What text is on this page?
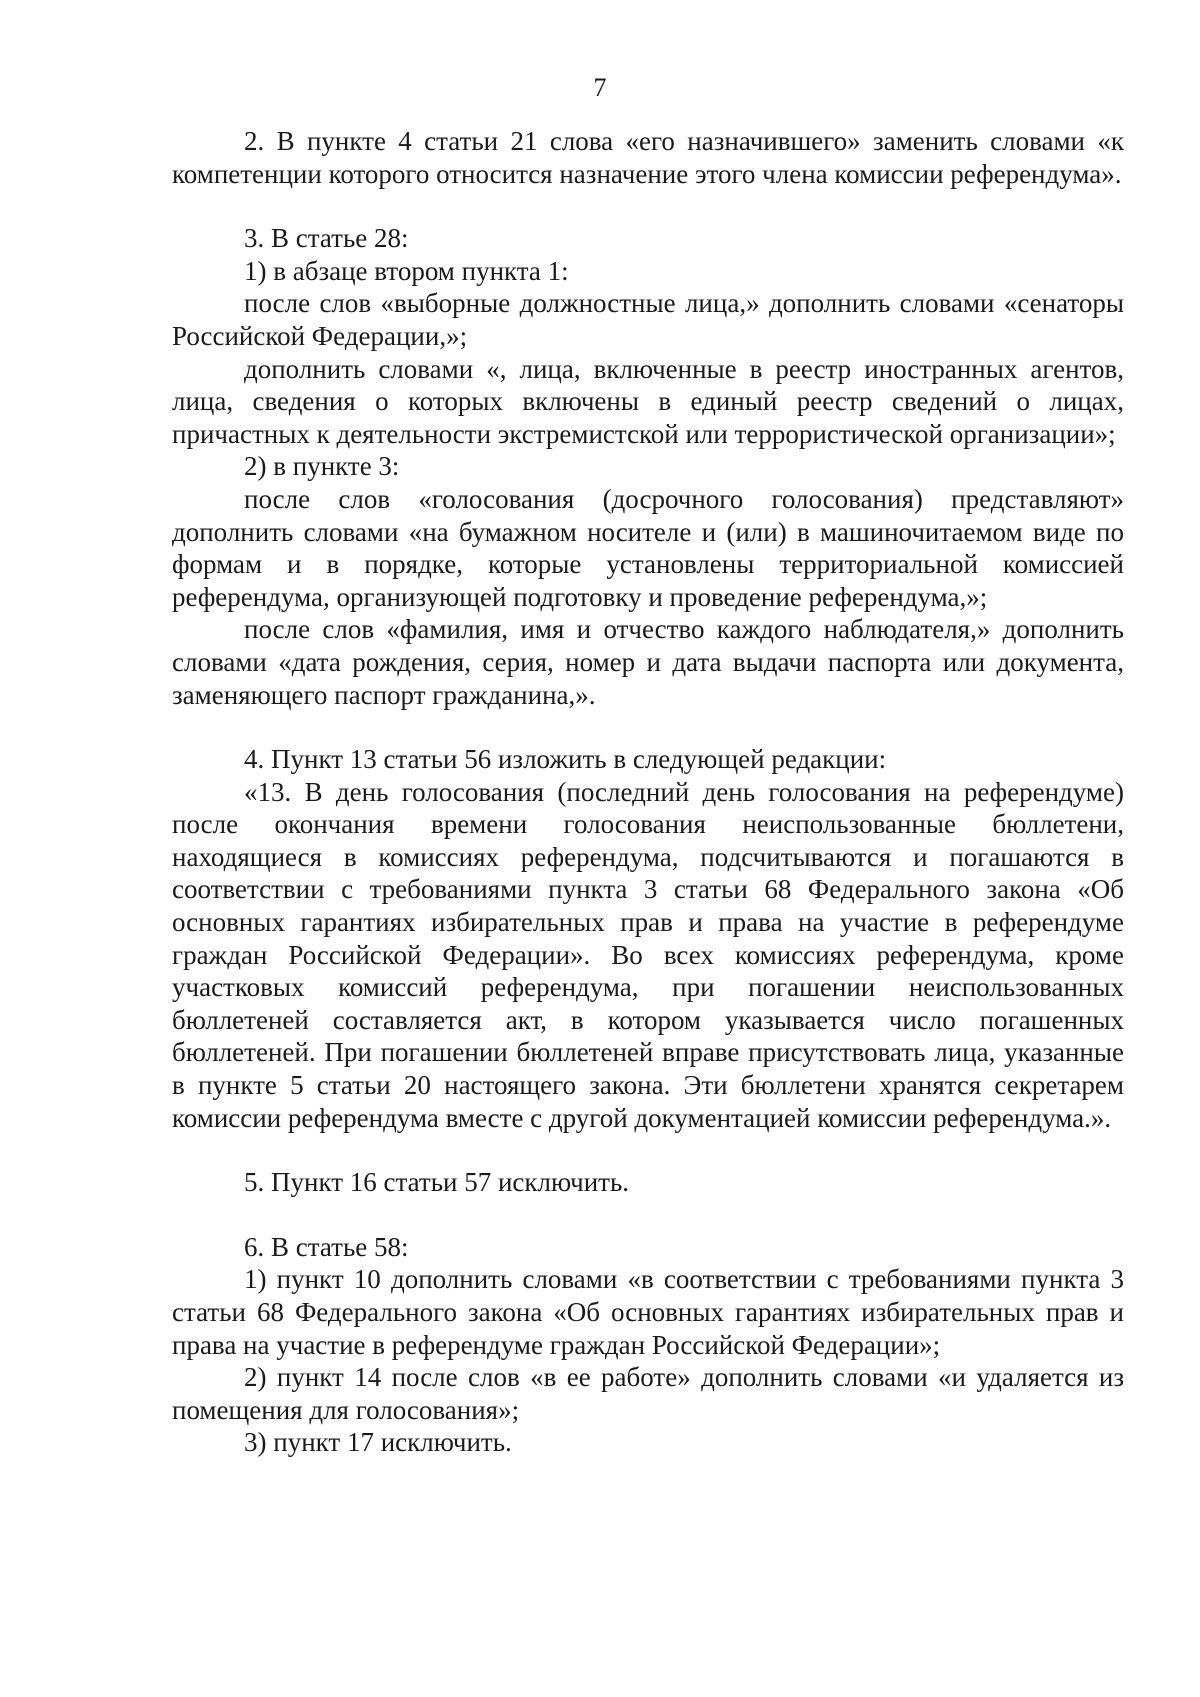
7

2. В пункте 4 статьи 21 слова «его назначившего» заменить словами «к компетенции которого относится назначение этого члена комиссии референдума».

3. В статье 28:

1) в абзаце втором пункта 1:

после слов «выборные должностные лица,» дополнить словами «сенаторы Российской Федерации,»;

дополнить словами «, лица, включенные в реестр иностранных агентов, лица, сведения о которых включены в единый реестр сведений о лицах, причастных к деятельности экстремистской или террористической организации»;

2) в пункте 3:

после слов «голосования (досрочного голосования) представляют» дополнить словами «на бумажном носителе и (или) в машиночитаемом виде по формам и в порядке, которые установлены территориальной комиссией референдума, организующей подготовку и проведение референдума,»;

после слов «фамилия, имя и отчество каждого наблюдателя,» дополнить словами «дата рождения, серия, номер и дата выдачи паспорта или документа, заменяющего паспорт гражданина,».

4. Пункт 13 статьи 56 изложить в следующей редакции:

«13. В день голосования (последний день голосования на референдуме) после окончания времени голосования неиспользованные бюллетени, находящиеся в комиссиях референдума, подсчитываются и погашаются в соответствии с требованиями пункта 3 статьи 68 Федерального закона «Об основных гарантиях избирательных прав и права на участие в референдуме граждан Российской Федерации». Во всех комиссиях референдума, кроме участковых комиссий референдума, при погашении неиспользованных бюллетеней составляется акт, в котором указывается число погашенных бюллетеней. При погашении бюллетеней вправе присутствовать лица, указанные в пункте 5 статьи 20 настоящего закона. Эти бюллетени хранятся секретарем комиссии референдума вместе с другой документацией комиссии референдума.».

5. Пункт 16 статьи 57 исключить.

6. В статье 58:

1) пункт 10 дополнить словами «в соответствии с требованиями пункта 3 статьи 68 Федерального закона «Об основных гарантиях избирательных прав и права на участие в референдуме граждан Российской Федерации»;

2) пункт 14 после слов «в ее работе» дополнить словами «и удаляется из помещения для голосования»;

3) пункт 17 исключить.
